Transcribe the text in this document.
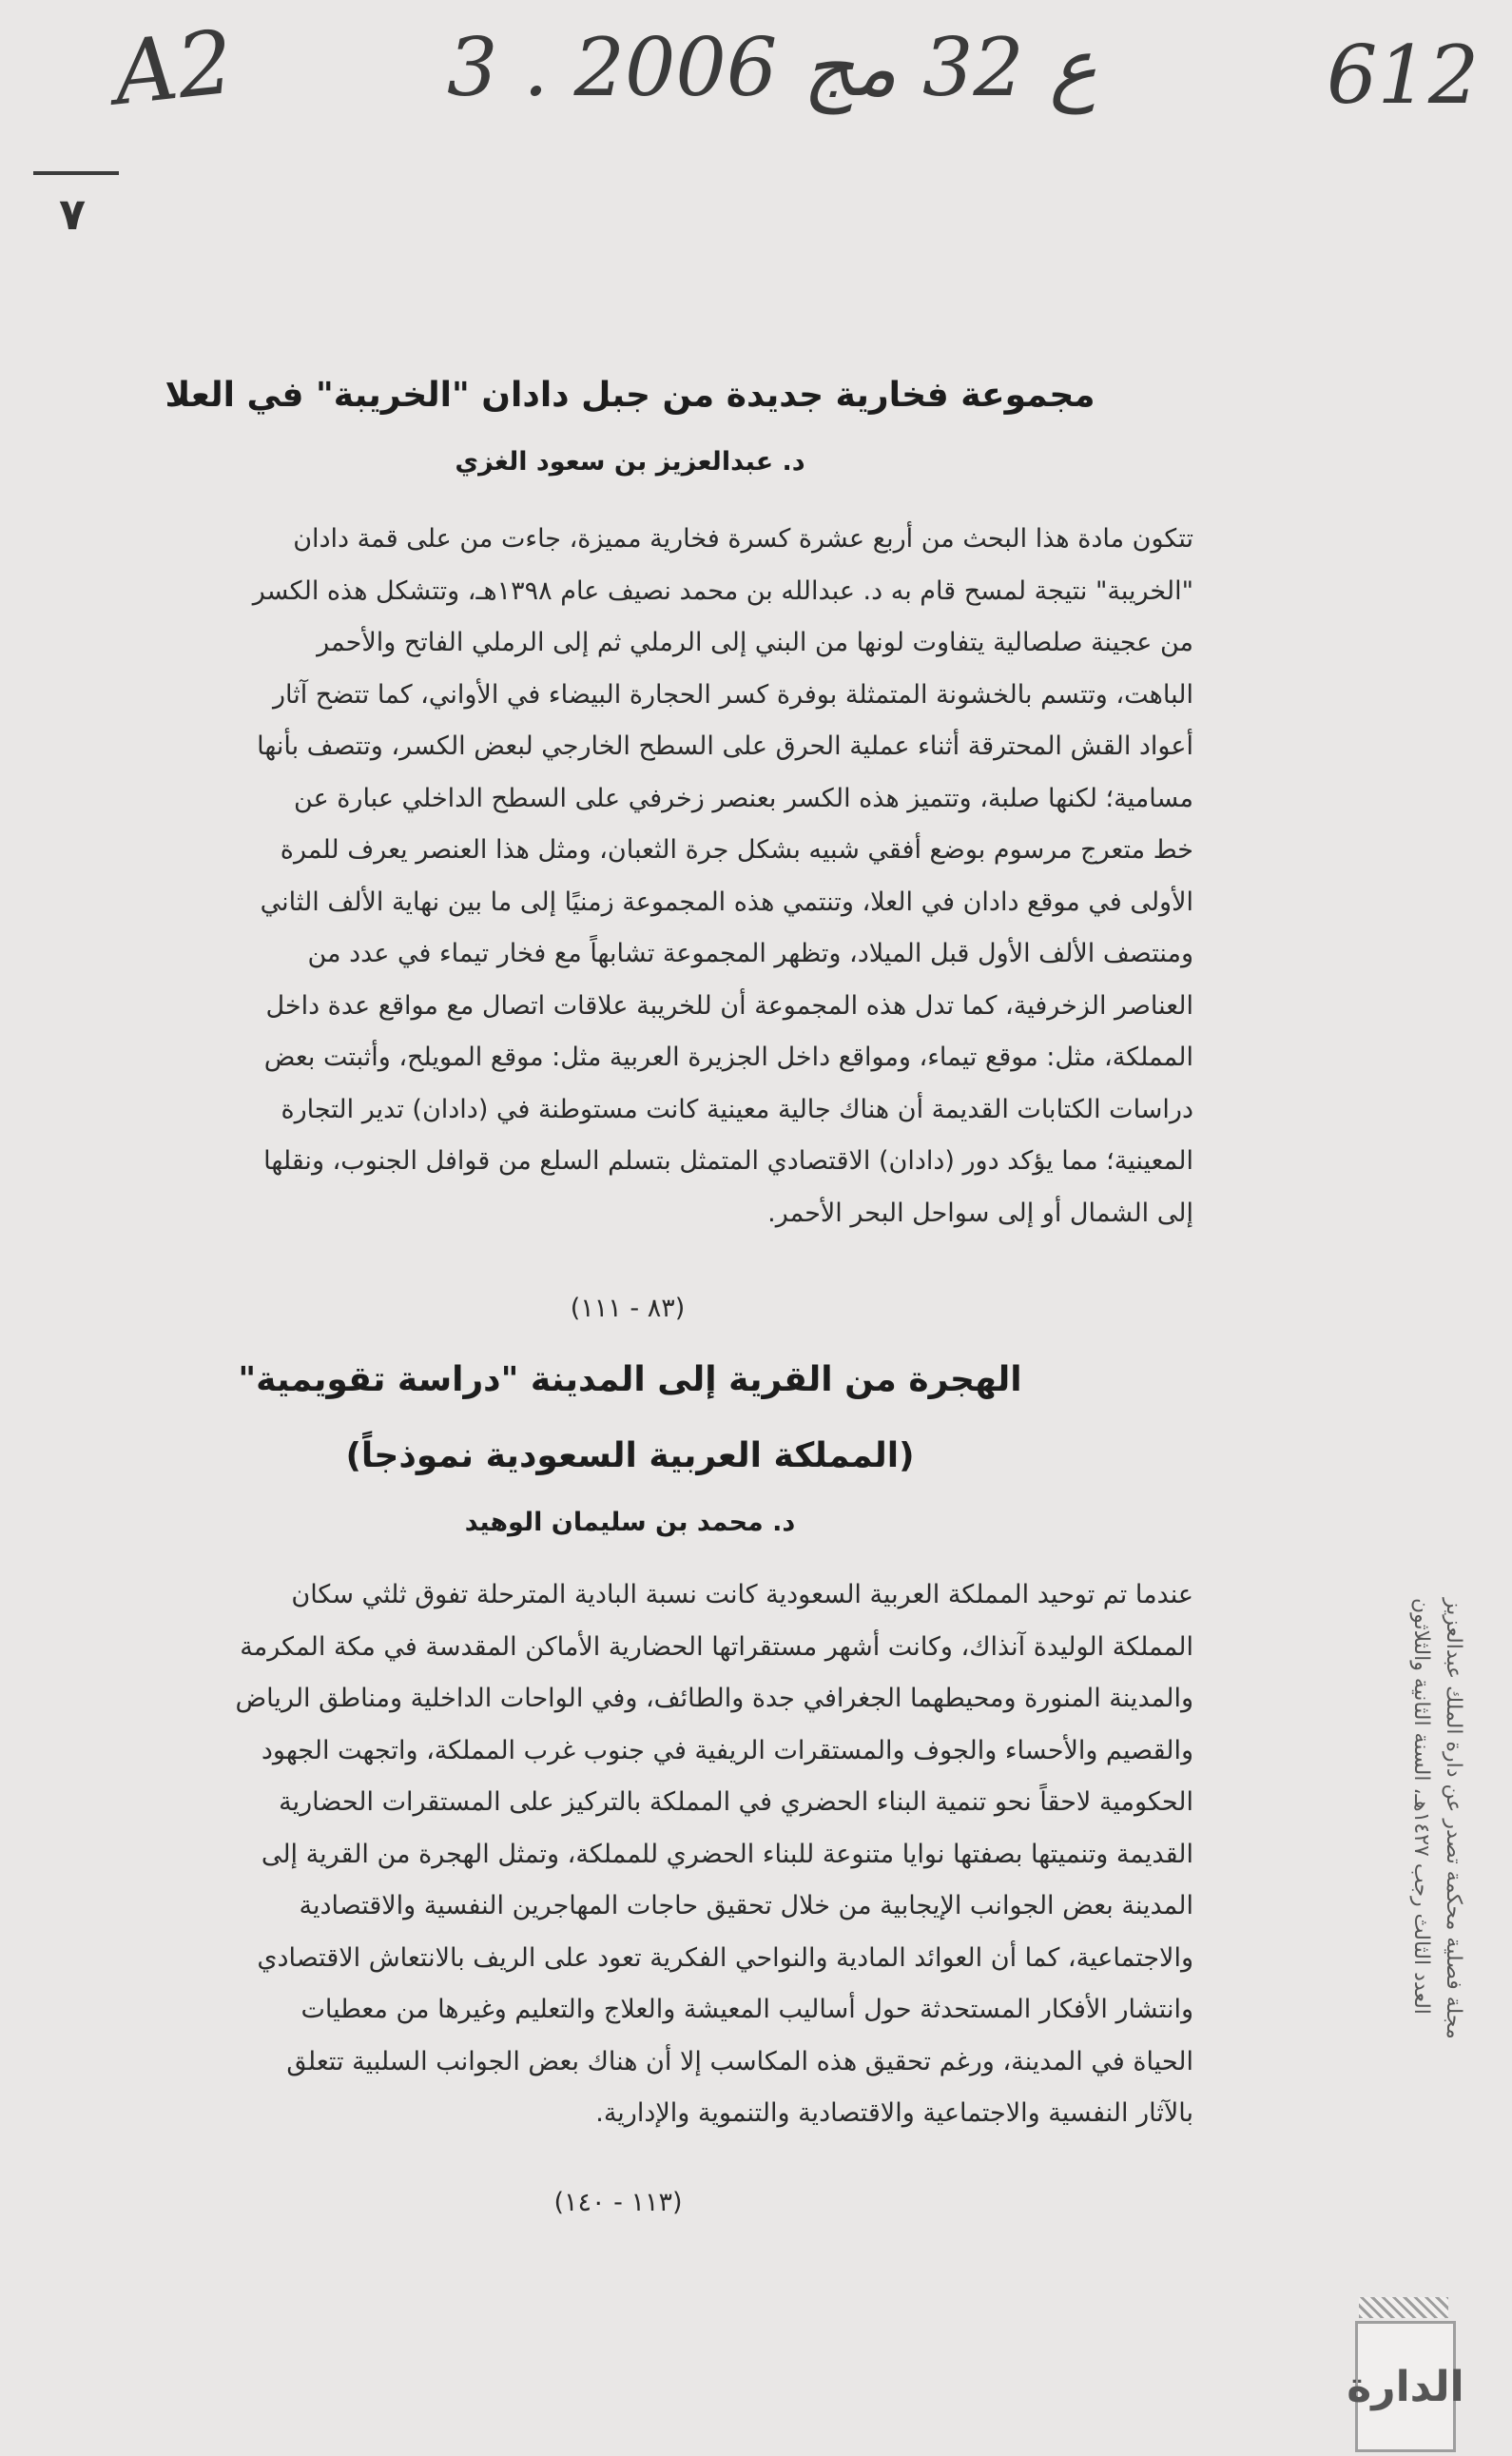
A2	3 . ع 32 مج 2006	612
٧
مجموعة فخارية جديدة من جبل دادان "الخريبة" في العلا
د. عبدالعزيز بن سعود الغزي
تتكون مادة هذا البحث من أربع عشرة كسرة فخارية مميزة، جاءت من على قمة دادان
"الخريبة" نتيجة لمسح قام به د. عبدالله بن محمد نصيف عام ١٣٩٨هـ، وتتشكل هذه الكسر
من عجينة صلصالية يتفاوت لونها من البني إلى الرملي ثم إلى الرملي الفاتح والأحمر
الباهت، وتتسم بالخشونة المتمثلة بوفرة كسر الحجارة البيضاء في الأواني، كما تتضح آثار
أعواد القش المحترقة أثناء عملية الحرق على السطح الخارجي لبعض الكسر، وتتصف بأنها
مسامية؛ لكنها صلبة، وتتميز هذه الكسر بعنصر زخرفي على السطح الداخلي عبارة عن
خط متعرج مرسوم بوضع أفقي شبيه بشكل جرة الثعبان، ومثل هذا العنصر يعرف للمرة
الأولى في موقع دادان في العلا، وتنتمي هذه المجموعة زمنيًا إلى ما بين نهاية الألف الثاني
ومنتصف الألف الأول قبل الميلاد، وتظهر المجموعة تشابهاً مع فخار تيماء في عدد من
العناصر الزخرفية، كما تدل هذه المجموعة أن للخريبة علاقات اتصال مع مواقع عدة داخل
المملكة، مثل: موقع تيماء، ومواقع داخل الجزيرة العربية مثل: موقع المويلح، وأثبتت بعض
دراسات الكتابات القديمة أن هناك جالية معينية كانت مستوطنة في (دادان) تدير التجارة
المعينية؛ مما يؤكد دور (دادان) الاقتصادي المتمثل بتسلم السلع من قوافل الجنوب، ونقلها
إلى الشمال أو إلى سواحل البحر الأحمر.
(٨٣ - ١١١)
الهجرة من القرية إلى المدينة "دراسة تقويمية"
(المملكة العربية السعودية نموذجاً)
د. محمد بن سليمان الوهيد
عندما تم توحيد المملكة العربية السعودية كانت نسبة البادية المترحلة تفوق ثلثي سكان
المملكة الوليدة آنذاك، وكانت أشهر مستقراتها الحضارية الأماكن المقدسة في مكة المكرمة
والمدينة المنورة ومحيطهما الجغرافي جدة والطائف، وفي الواحات الداخلية ومناطق الرياض
والقصيم والأحساء والجوف والمستقرات الريفية في جنوب غرب المملكة، واتجهت الجهود
الحكومية لاحقاً نحو تنمية البناء الحضري في المملكة بالتركيز على المستقرات الحضارية
القديمة وتنميتها بصفتها نوايا متنوعة للبناء الحضري للمملكة، وتمثل الهجرة من القرية إلى
المدينة بعض الجوانب الإيجابية من خلال تحقيق حاجات المهاجرين النفسية والاقتصادية
والاجتماعية، كما أن العوائد المادية والنواحي الفكرية تعود على الريف بالانتعاش الاقتصادي
وانتشار الأفكار المستحدثة حول أساليب المعيشة والعلاج والتعليم وغيرها من معطيات
الحياة في المدينة، ورغم تحقيق هذه المكاسب إلا أن هناك بعض الجوانب السلبية تتعلق
بالآثار النفسية والاجتماعية والاقتصادية والتنموية والإدارية.
(١١٣ - ١٤٠)
مجلة فصلية محكمة تصدر عن دارة الملك عبدالعزيز
العدد الثالث رجب ١٤٢٧هـ، السنة الثانية والثلاثون
الدارة
